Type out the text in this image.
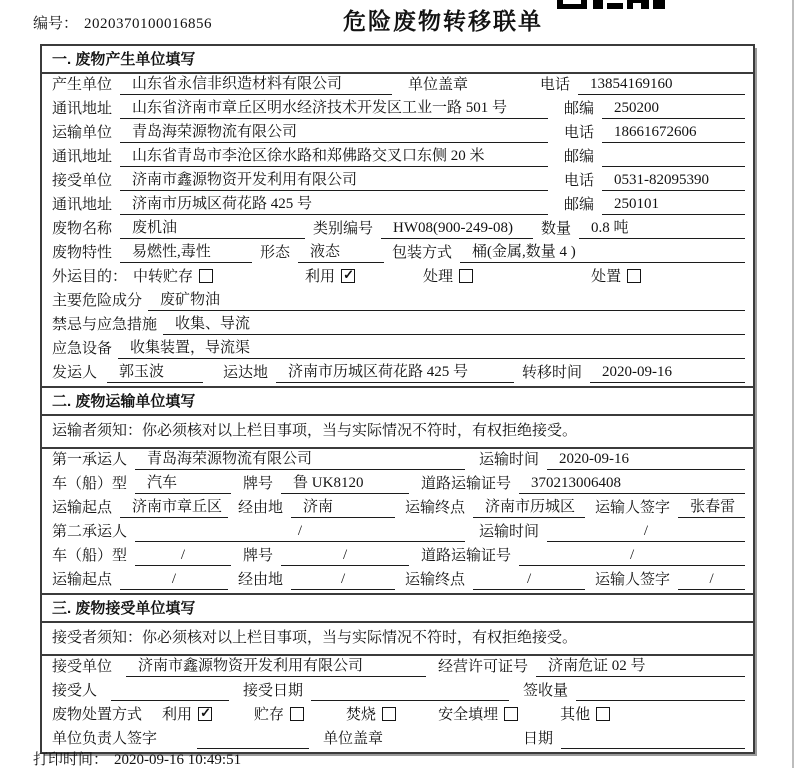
编号： 2020370100016856	危险废物转移联单
一. 废物产生单位填写
产生单位 山东省永信非织造材料有限公司	单位盖章	电话 13854169160
通讯地址 山东省济南市章丘区明水经济技术开发区工业一路 501 号	邮编 250200
运输单位 青岛海荣源物流有限公司	电话 18661672606
通讯地址 山东省青岛市李沧区徐水路和郑佛路交叉口东侧 20 米	邮编
接受单位 济南市鑫源物资开发利用有限公司	电话 0531-82095390
通讯地址 济南市历城区荷花路 425 号	邮编 250101
废物名称 废机油	类别编号 HW08(900-249-08) 数量 0.8 吨
废物特性 易燃性,毒性	形态 液态	包装方式 桶(金属,数量 4 )
外运目的： 中转贮存	利用 ✓	处理	处置
主要危险成分 废矿物油
禁忌与应急措施 收集、导流
应急设备 收集装置，导流渠
发运人 郭玉波	运达地 济南市历城区荷花路 425 号	转移时间 2020-09-16
二. 废物运输单位填写
运输者须知：你必须核对以上栏目事项，当与实际情况不符时，有权拒绝接受。
第一承运人 青岛海荣源物流有限公司	运输时间 2020-09-16
车（船）型 汽车	牌号 鲁 UK8120	道路运输证号 370213006408
运输起点 济南市章丘区 经由地 济南	运输终点 济南市历城区 运输人签字 张春雷
第二承运人	/	运输时间	/
车（船）型	/	牌号	/	道路运输证号	/
运输起点	/	经由地	/	运输终点	/	运输人签字	/
三. 废物接受单位填写
接受者须知：你必须核对以上栏目事项，当与实际情况不符时，有权拒绝接受。
接受单位 济南市鑫源物资开发利用有限公司	经营许可证号 济南危证 02 号
接受人	接受日期	签收量
废物处置方式 利用 ✓	贮存	焚烧	安全填埋	其他
单位负责人签字	单位盖章	日期
打印时间： 2020-09-16 10:49:51
